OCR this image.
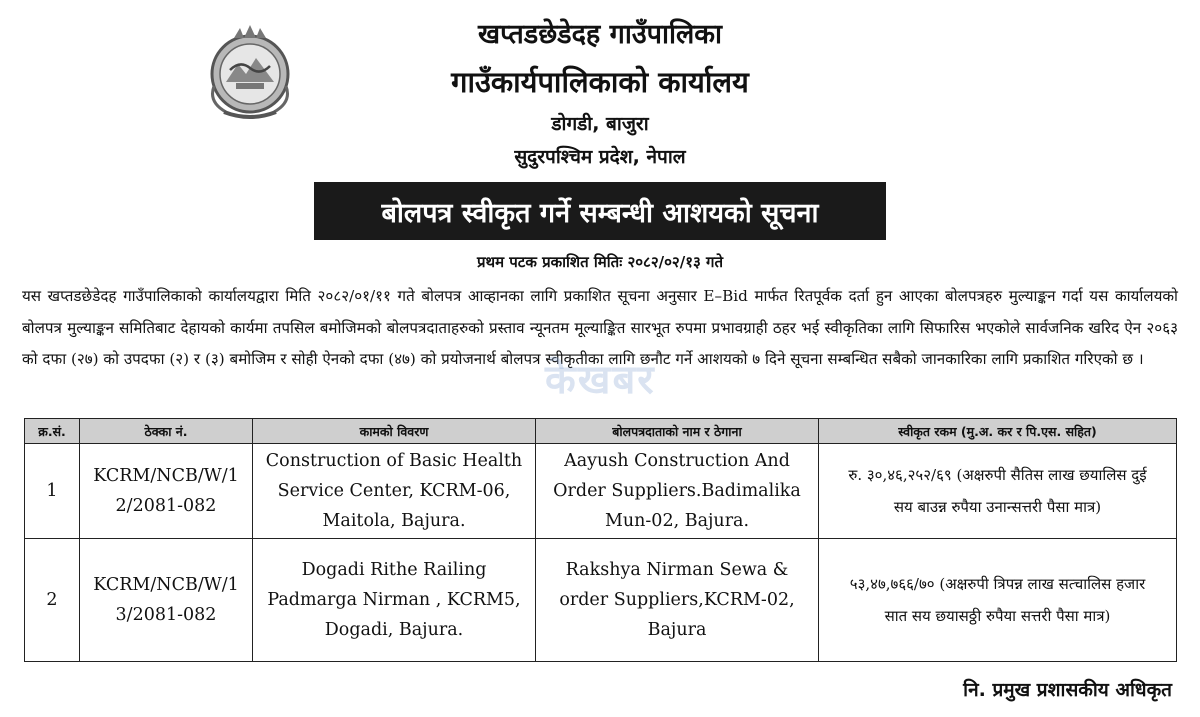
खप्तडछेडेदह गाउँपालिका
गाउँकार्यपालिकाको कार्यालय
डोगडी, बाजुरा
सुदुरपश्चिम प्रदेश, नेपाल
बोलपत्र स्वीकृत गर्ने सम्बन्धी आशयको सूचना
प्रथम पटक प्रकाशित मितिः २०८२/०२/१३ गते
यस खप्तडछेडेदह गाउँपालिकाको कार्यालयद्वारा मिति २०८२/०१/११ गते बोलपत्र आव्हानका लागि प्रकाशित सूचना अनुसार E–Bid मार्फत रितपूर्वक दर्ता हुन आएका बोलपत्रहरु मुल्याङ्कन गर्दा यस कार्यालयको बोलपत्र मुल्याङ्कन समितिबाट देहायको कार्यमा तपसिल बमोजिमको बोलपत्रदाताहरुको प्रस्ताव न्यूनतम मूल्याङ्कित सारभूत रुपमा प्रभावग्राही ठहर भई स्वीकृतिका लागि सिफारिस भएकोले सार्वजनिक खरिद ऐन २०६३ को दफा (२७) को उपदफा (२) र (३) बमोजिम र सोही ऐनको दफा (४७) को प्रयोजनार्थ बोलपत्र स्वीकृतीका लागि छनौट गर्ने आशयको ७ दिने सूचना सम्बन्धित सबैको जानकारिका लागि प्रकाशित गरिएको छ ।
केखबर
क्र.सं.	ठेक्का नं.	कामको विवरण	बोलपत्रदाताको नाम र ठेगाना	स्वीकृत रकम (मु.अ. कर र पि.एस. सहित)
1	KCRM/NCB/W/12/2081-082	Construction of Basic Health Service Center, KCRM-06, Maitola, Bajura.	Aayush Construction And Order Suppliers.Badimalika Mun-02, Bajura.	रु. ३०,४६,२५२/६९ (अक्षरुपी सैतिस लाख छयालिस दुई सय बाउन्न रुपैया उनान्सत्तरी पैसा मात्र)
2	KCRM/NCB/W/13/2081-082	Dogadi Rithe Railing Padmarga Nirman , KCRM5, Dogadi, Bajura.	Rakshya Nirman Sewa & order Suppliers,KCRM-02, Bajura	५३,४७,७६६/७० (अक्षरुपी त्रिपन्न लाख सत्चालिस हजार सात सय छयासठ्ठी रुपैया सत्तरी पैसा मात्र)
नि. प्रमुख प्रशासकीय अधिकृत
